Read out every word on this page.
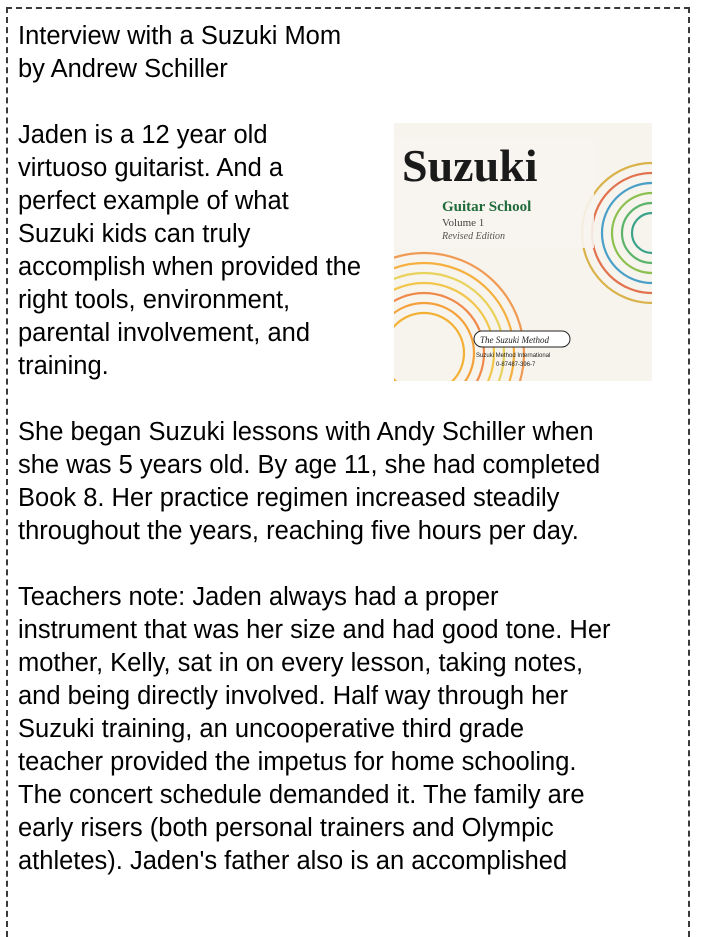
Interview with a Suzuki Mom
by Andrew Schiller
Jaden is a 12 year old
virtuoso guitarist. And a
perfect example of what
Suzuki kids can truly
accomplish when provided the
right tools, environment,
parental involvement, and
training.
She began Suzuki lessons with Andy Schiller when
she was 5 years old. By age 11, she had completed
Book 8. Her practice regimen increased steadily
throughout the years, reaching five hours per day.
Teachers note: Jaden always had a proper
instrument that was her size and had good tone. Her
mother, Kelly, sat in on every lesson, taking notes,
and being directly involved. Half way through her
Suzuki training, an uncooperative third grade
teacher provided the impetus for home schooling.
The concert schedule demanded it. The family are
early risers (both personal trainers and Olympic
athletes). Jaden's father also is an accomplished
Suzuki
Guitar School
Volume 1
Revised Edition
The Suzuki Method
Suzuki Method International
0-87487-396-7
